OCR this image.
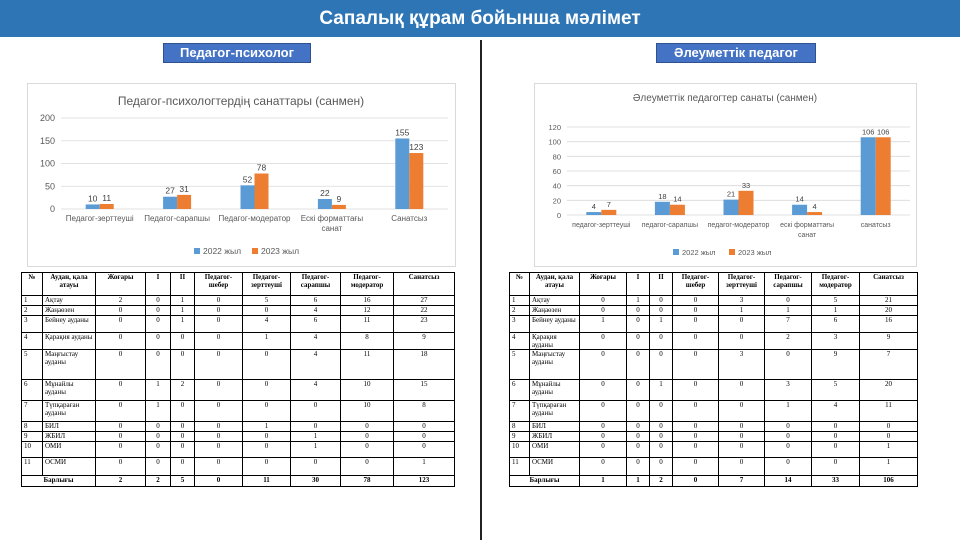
Сапалық құрам бойынша мәлімет
Педагог-психолог
Педагог-психологтердің санаттары (санмен)
0
50
100
150
200
10 11
Педагог-зерттеуші
27 31
Педагог-сарапшы
52
78
Педагог-модератор
22
9
Ескі форматтағы
санат
155
123
Санатсыз
2022 жыл 2023 жыл
№	Аудан, қала атауы	Жоғары	I	II	Педагог-шебер	Педагог-зерттеуші	Педагог-сарапшы	Педагог-модератор	Санатсыз
1	Ақтау	2	0	1	0	5	6	16	27
2	Жаңаөзен	0	0	1	0	0	4	12	22
3	Бейнеу ауданы	0	0	1	0	4	6	11	23
4	Қарақия ауданы	0	0	0	0	1	4	8	9
5	Маңғыстау ауданы	0	0	0	0	0	4	11	18
6	Мұнайлы ауданы	0	1	2	0	0	4	10	15
7	Түпқараған ауданы	0	1	0	0	0	0	10	8
8	БИЛ	0	0	0	0	1	0	0	0
9	ЖБИЛ	0	0	0	0	0	1	0	0
10	ОМИ	0	0	0	0	0	1	0	0
11	ОСМИ	0	0	0	0	0	0	0	1
Барлығы		2	2	5	0	11	30	78	123
Әлеуметтік педагог
Әлеуметтік педагогтер санаты (санмен)
0
20
40
60
80
100
120
4 7
педагог-зерттеуші
18 14
педагог-сарапшы
21
33
педагог-модератор
14
4
ескі форматтағы
санат
106 106
санатсыз
2022 жыл	2023 жыл
№	Аудан, қала атауы	Жоғары	I	II	Педагог-шебер	Педагог-зерттеуші	Педагог-сарапшы	Педагог-модератор	Санатсыз
1	Ақтау	0	1	0	0	3	0	5	21
2	Жаңаөзен	0	0	0	0	1	1	1	20
3	Бейнеу ауданы	1	0	1	0	0	7	6	16
4	Қарақия ауданы	0	0	0	0	0	2	3	9
5	Маңғыстау ауданы	0	0	0	0	3	0	9	7
6	Мұнайлы ауданы	0	0	1	0	0	3	5	20
7	Түпқараған ауданы	0	0	0	0	0	1	4	11
8	БИЛ	0	0	0	0	0	0	0	0
9	ЖБИЛ	0	0	0	0	0	0	0	0
10	ОМИ	0	0	0	0	0	0	0	1
11	ОСМИ	0	0	0	0	0	0	0	1
Барлығы		1	1	2	0	7	14	33	106
